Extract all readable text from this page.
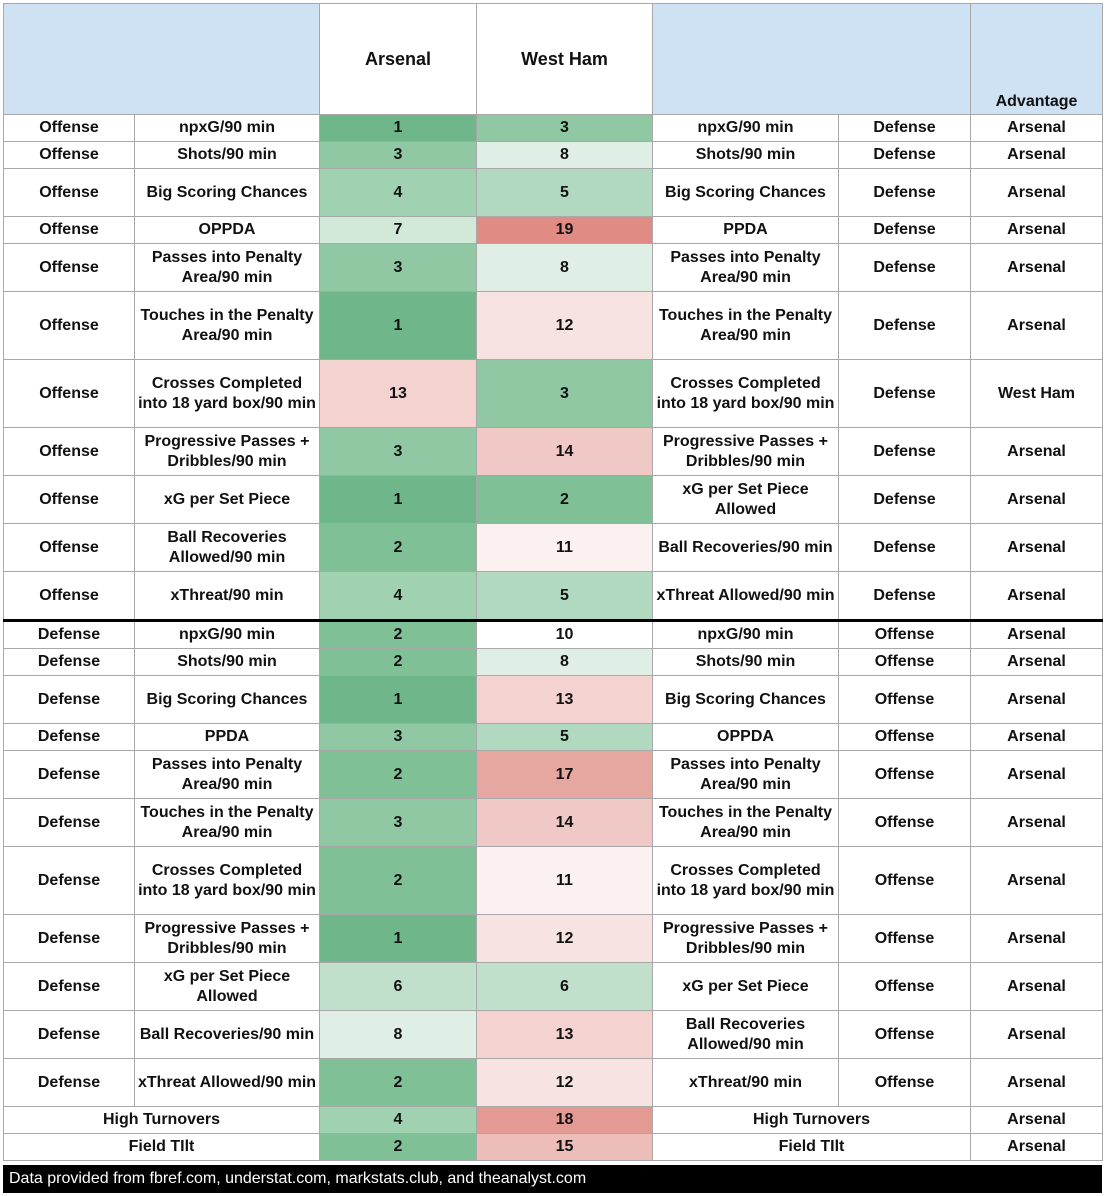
		Arsenal	West Ham			Advantage
Offense	npxG/90 min	1	3	npxG/90 min	Defense	Arsenal
Offense	Shots/90 min	3	8	Shots/90 min	Defense	Arsenal
Offense	Big Scoring Chances	4	5	Big Scoring Chances	Defense	Arsenal
Offense	OPPDA	7	19	PPDA	Defense	Arsenal
Offense	Passes into Penalty Area/90 min	3	8	Passes into Penalty Area/90 min	Defense	Arsenal
Offense	Touches in the Penalty Area/90 min	1	12	Touches in the Penalty Area/90 min	Defense	Arsenal
Offense	Crosses Completed into 18 yard box/90 min	13	3	Crosses Completed into 18 yard box/90 min	Defense	West Ham
Offense	Progressive Passes + Dribbles/90 min	3	14	Progressive Passes + Dribbles/90 min	Defense	Arsenal
Offense	xG per Set Piece	1	2	xG per Set Piece Allowed	Defense	Arsenal
Offense	Ball Recoveries Allowed/90 min	2	11	Ball Recoveries/90 min	Defense	Arsenal
Offense	xThreat/90 min	4	5	xThreat Allowed/90 min	Defense	Arsenal
Defense	npxG/90 min	2	10	npxG/90 min	Offense	Arsenal
Defense	Shots/90 min	2	8	Shots/90 min	Offense	Arsenal
Defense	Big Scoring Chances	1	13	Big Scoring Chances	Offense	Arsenal
Defense	PPDA	3	5	OPPDA	Offense	Arsenal
Defense	Passes into Penalty Area/90 min	2	17	Passes into Penalty Area/90 min	Offense	Arsenal
Defense	Touches in the Penalty Area/90 min	3	14	Touches in the Penalty Area/90 min	Offense	Arsenal
Defense	Crosses Completed into 18 yard box/90 min	2	11	Crosses Completed into 18 yard box/90 min	Offense	Arsenal
Defense	Progressive Passes + Dribbles/90 min	1	12	Progressive Passes + Dribbles/90 min	Offense	Arsenal
Defense	xG per Set Piece Allowed	6	6	xG per Set Piece	Offense	Arsenal
Defense	Ball Recoveries/90 min	8	13	Ball Recoveries Allowed/90 min	Offense	Arsenal
Defense	xThreat Allowed/90 min	2	12	xThreat/90 min	Offense	Arsenal
High Turnovers		4	18	High Turnovers		Arsenal
Field TIlt		2	15	Field TIlt		Arsenal
Data provided from fbref.com, understat.com, markstats.club, and theanalyst.com
